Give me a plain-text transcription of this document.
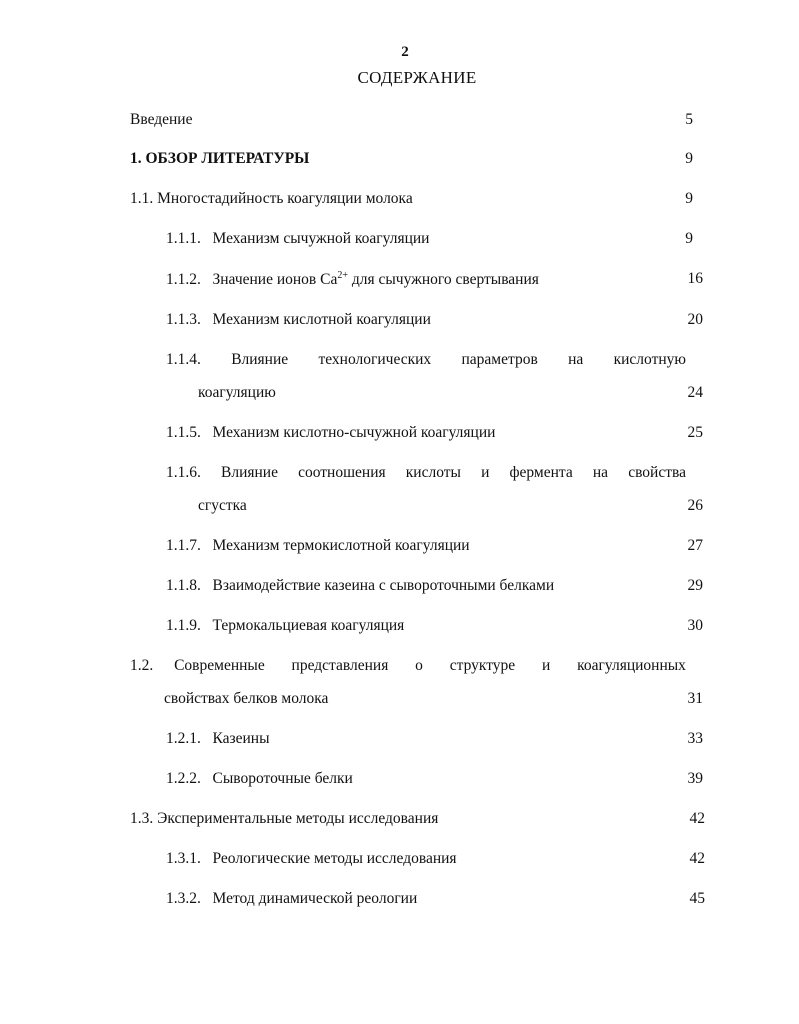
2
СОДЕРЖАНИЕ
Введение	5
1. ОБЗОР ЛИТЕРАТУРЫ	9
1.1. Многостадийность коагуляции молока	9
1.1.1. Механизм сычужной коагуляции	9
1.1.2. Значение ионов $Ca^{2+}$ для сычужного свертывания	16
1.1.3. Механизм кислотной коагуляции	20
1.1.4. Влияние технологических параметров на кислотную
коагуляцию	24
1.1.5. Механизм кислотно-сычужной коагуляции	25
1.1.6. Влияние соотношения кислоты и фермента на свойства
сгустка	26
1.1.7. Механизм термокислотной коагуляции	27
1.1.8. Взаимодействие казеина с сывороточными белками	29
1.1.9. Термокальциевая коагуляция	30
1.2. Современные представления о структуре и коагуляционных
свойствах белков молока	31
1.2.1. Казеины	33
1.2.2. Сывороточные белки	39
1.3. Экспериментальные методы исследования	42
1.3.1. Реологические методы исследования	42
1.3.2. Метод динамической реологии	45
